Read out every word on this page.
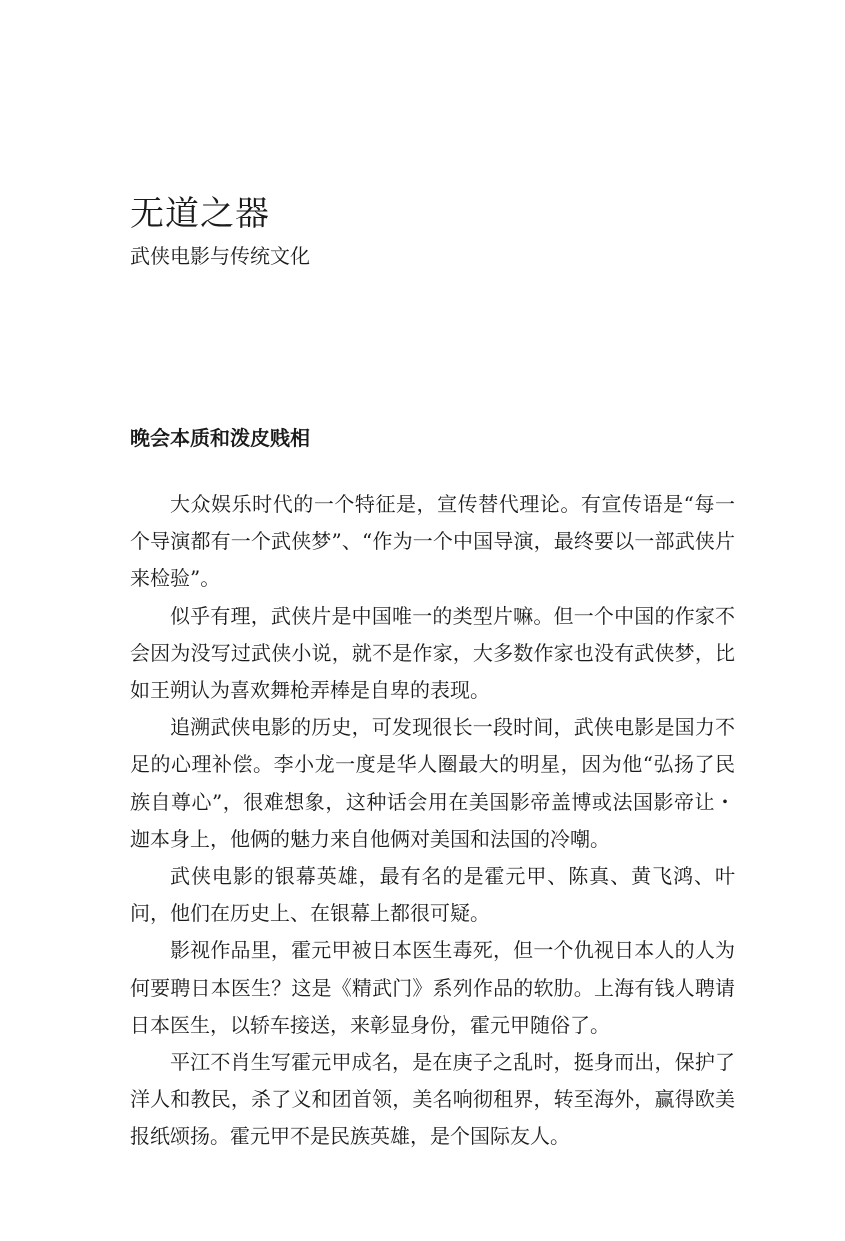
无道之器
武侠电影与传统文化
晚会本质和泼皮贱相

大众娱乐时代的一个特征是，宣传替代理论。有宣传语是“每一个导演都有一个武侠梦”、“作为一个中国导演，最终要以一部武侠片来检验”。

似乎有理，武侠片是中国唯一的类型片嘛。但一个中国的作家不会因为没写过武侠小说，就不是作家，大多数作家也没有武侠梦，比如王朔认为喜欢舞枪弄棒是自卑的表现。

追溯武侠电影的历史，可发现很长一段时间，武侠电影是国力不足的心理补偿。李小龙一度是华人圈最大的明星，因为他“弘扬了民族自尊心”，很难想象，这种话会用在美国影帝盖博或法国影帝让・迦本身上，他俩的魅力来自他俩对美国和法国的冷嘲。

武侠电影的银幕英雄，最有名的是霍元甲、陈真、黄飞鸿、叶问，他们在历史上、在银幕上都很可疑。

影视作品里，霍元甲被日本医生毒死，但一个仇视日本人的人为何要聘日本医生？这是《精武门》系列作品的软肋。上海有钱人聘请日本医生，以轿车接送，来彰显身份，霍元甲随俗了。

平江不肖生写霍元甲成名，是在庚子之乱时，挺身而出，保护了洋人和教民，杀了义和团首领，美名响彻租界，转至海外，赢得欧美报纸颂扬。霍元甲不是民族英雄，是个国际友人。
